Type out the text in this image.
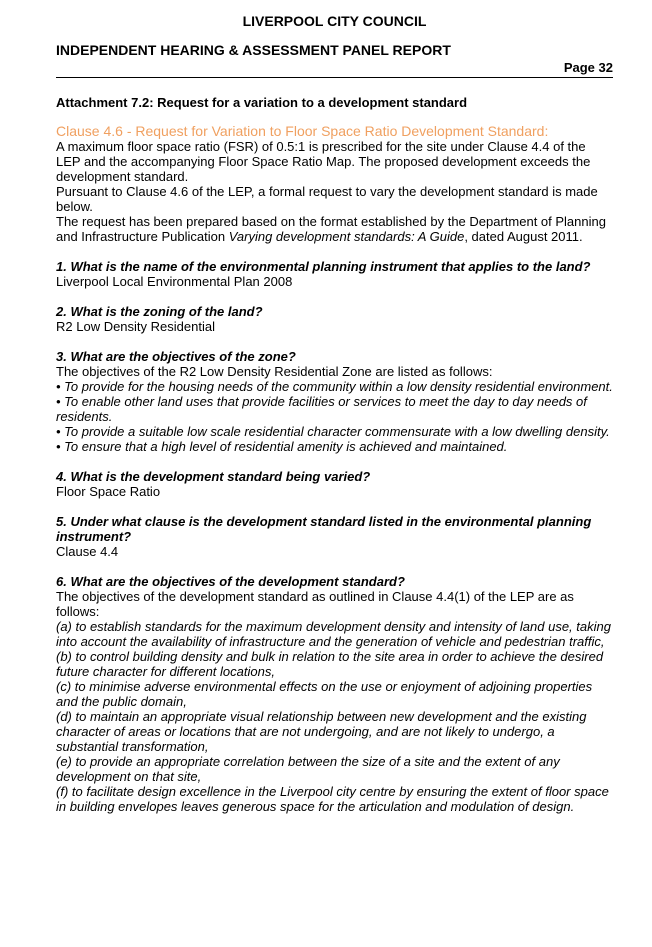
LIVERPOOL CITY COUNCIL
INDEPENDENT HEARING & ASSESSMENT PANEL REPORT
Page 32
Attachment 7.2: Request for a variation to a development standard

Clause 4.6 - Request for Variation to Floor Space Ratio Development Standard:

A maximum floor space ratio (FSR) of 0.5:1 is prescribed for the site under Clause 4.4 of the LEP and the accompanying Floor Space Ratio Map. The proposed development exceeds the development standard.

Pursuant to Clause 4.6 of the LEP, a formal request to vary the development standard is made below.

The request has been prepared based on the format established by the Department of Planning and Infrastructure Publication Varying development standards: A Guide, dated August 2011.

1. What is the name of the environmental planning instrument that applies to the land?

Liverpool Local Environmental Plan 2008

2. What is the zoning of the land?

R2 Low Density Residential

3. What are the objectives of the zone?

The objectives of the R2 Low Density Residential Zone are listed as follows:

• To provide for the housing needs of the community within a low density residential environment.

• To enable other land uses that provide facilities or services to meet the day to day needs of residents.

• To provide a suitable low scale residential character commensurate with a low dwelling density.

• To ensure that a high level of residential amenity is achieved and maintained.

4. What is the development standard being varied?

Floor Space Ratio

5. Under what clause is the development standard listed in the environmental planning instrument?

Clause 4.4

6. What are the objectives of the development standard?

The objectives of the development standard as outlined in Clause 4.4(1) of the LEP are as follows:

(a) to establish standards for the maximum development density and intensity of land use, taking into account the availability of infrastructure and the generation of vehicle and pedestrian traffic,

(b) to control building density and bulk in relation to the site area in order to achieve the desired future character for different locations,

(c) to minimise adverse environmental effects on the use or enjoyment of adjoining properties and the public domain,

(d) to maintain an appropriate visual relationship between new development and the existing character of areas or locations that are not undergoing, and are not likely to undergo, a substantial transformation,

(e) to provide an appropriate correlation between the size of a site and the extent of any development on that site,

(f) to facilitate design excellence in the Liverpool city centre by ensuring the extent of floor space in building envelopes leaves generous space for the articulation and modulation of design.
